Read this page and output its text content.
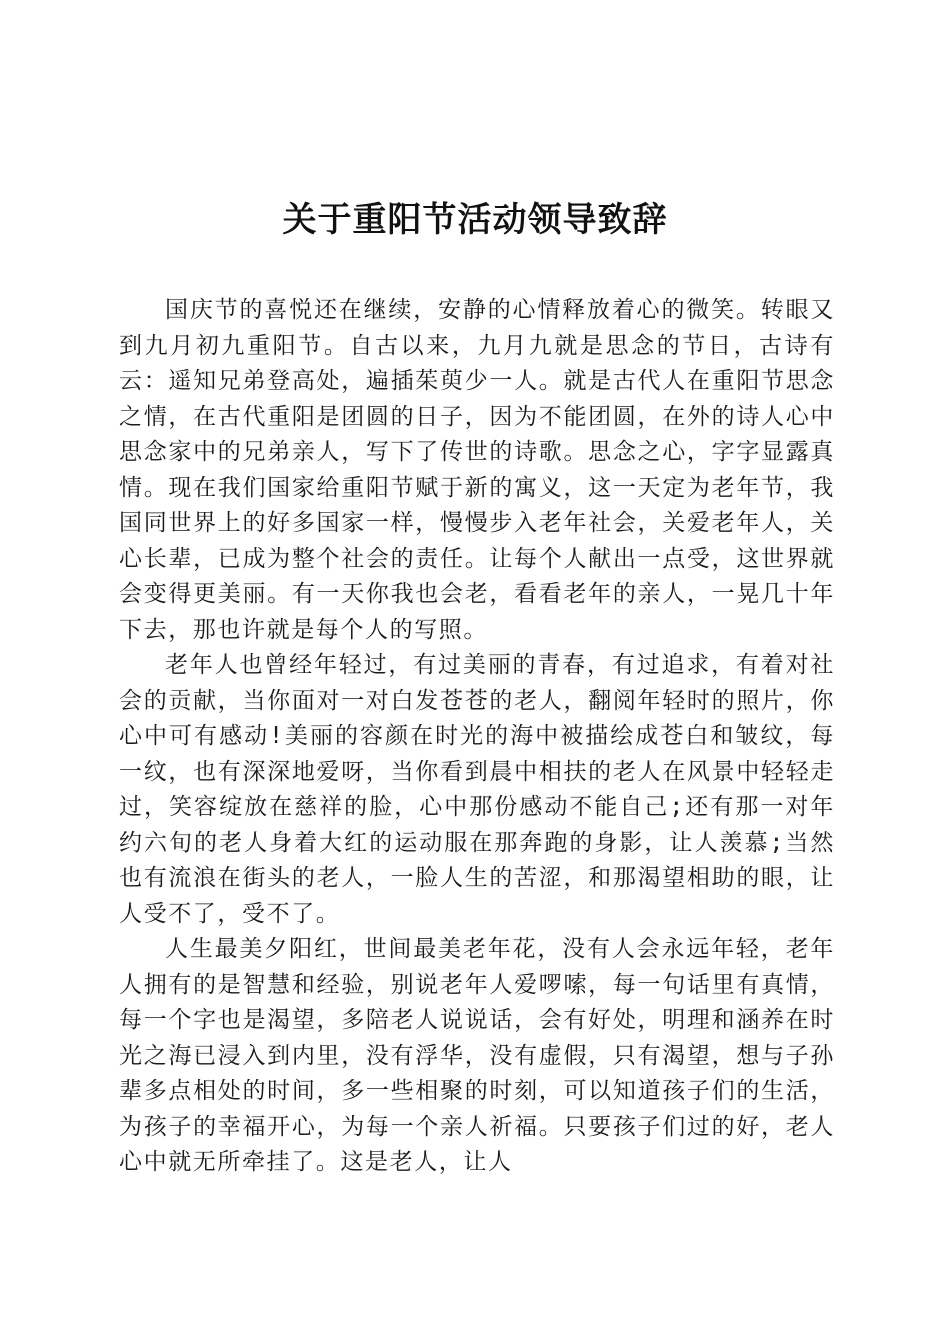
关于重阳节活动领导致辞

国庆节的喜悦还在继续，安静的心情释放着心的微笑。转眼又到九月初九重阳节。自古以来，九月九就是思念的节日，古诗有云：遥知兄弟登高处，遍插茱萸少一人。就是古代人在重阳节思念之情，在古代重阳是团圆的日子，因为不能团圆，在外的诗人心中思念家中的兄弟亲人，写下了传世的诗歌。思念之心，字字显露真情。现在我们国家给重阳节赋于新的寓义，这一天定为老年节，我国同世界上的好多国家一样，慢慢步入老年社会，关爱老年人，关心长辈，已成为整个社会的责任。让每个人献出一点受，这世界就会变得更美丽。有一天你我也会老，看看老年的亲人，一晃几十年下去，那也许就是每个人的写照。

老年人也曾经年轻过，有过美丽的青春，有过追求，有着对社会的贡献，当你面对一对白发苍苍的老人，翻阅年轻时的照片，你心中可有感动!美丽的容颜在时光的海中被描绘成苍白和皱纹，每一纹，也有深深地爱呀，当你看到晨中相扶的老人在风景中轻轻走过，笑容绽放在慈祥的脸，心中那份感动不能自己;还有那一对年约六旬的老人身着大红的运动服在那奔跑的身影，让人羡慕;当然也有流浪在街头的老人，一脸人生的苦涩，和那渴望相助的眼，让人受不了，受不了。

人生最美夕阳红，世间最美老年花，没有人会永远年轻，老年人拥有的是智慧和经验，别说老年人爱啰嗦，每一句话里有真情，每一个字也是渴望，多陪老人说说话，会有好处，明理和涵养在时光之海已浸入到内里，没有浮华，没有虚假，只有渴望，想与子孙辈多点相处的时间，多一些相聚的时刻，可以知道孩子们的生活，为孩子的幸福开心，为每一个亲人祈福。只要孩子们过的好，老人心中就无所牵挂了。这是老人，让人
